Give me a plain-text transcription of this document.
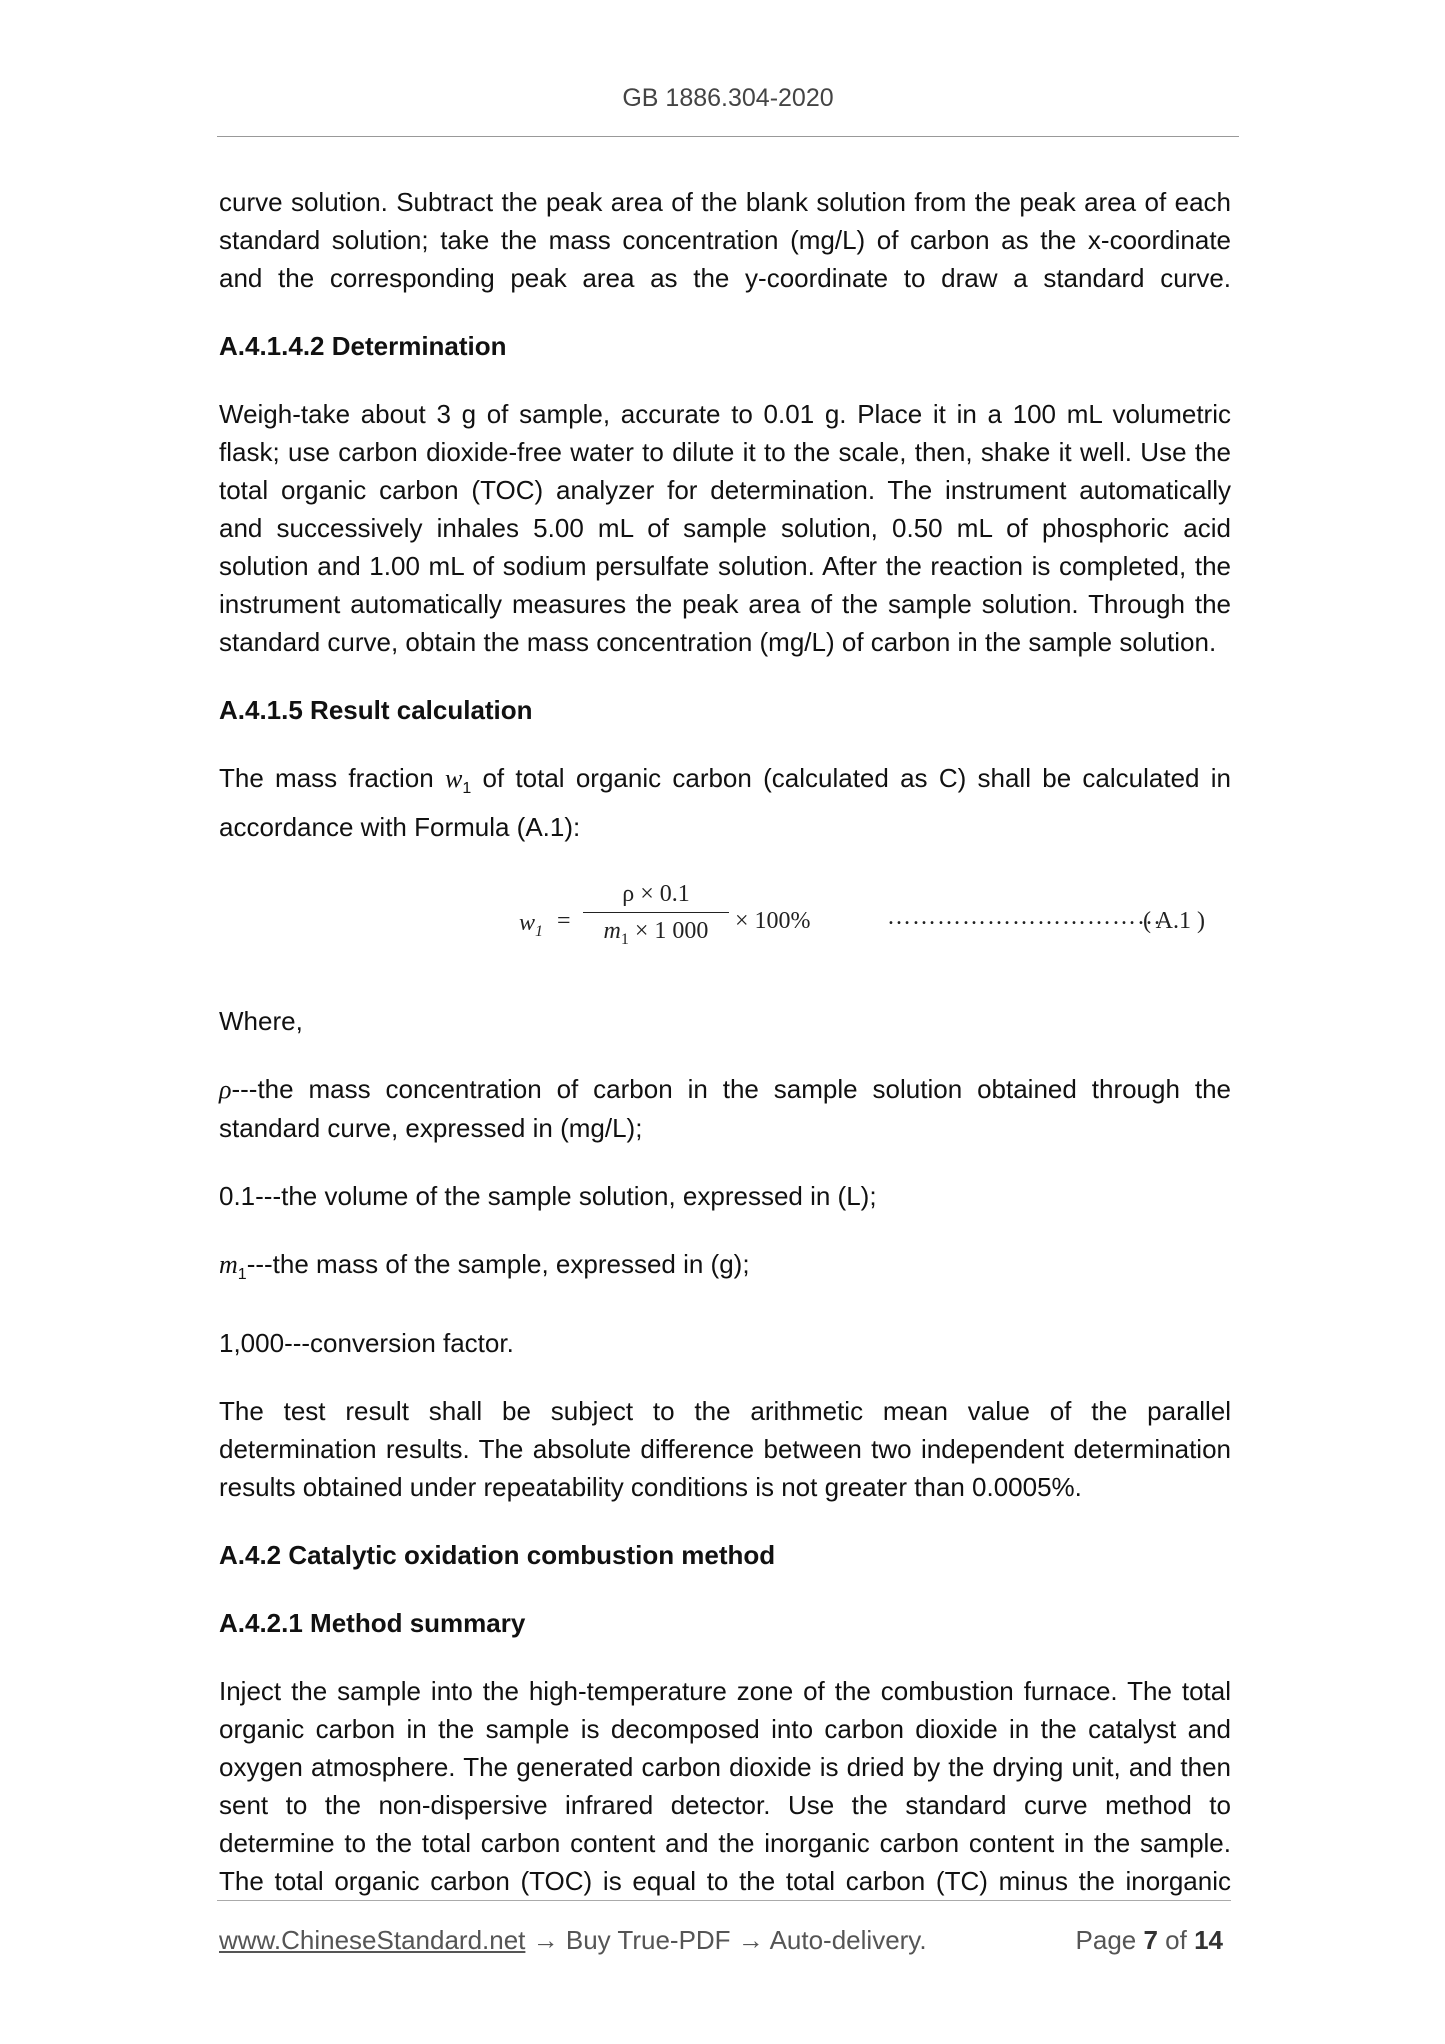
GB 1886.304-2020

curve solution. Subtract the peak area of the blank solution from the peak area of each standard solution; take the mass concentration (mg/L) of carbon as the x-coordinate and the corresponding peak area as the y-coordinate to draw a standard curve.

A.4.1.4.2 Determination

Weigh-take about 3 g of sample, accurate to 0.01 g. Place it in a 100 mL volumetric flask; use carbon dioxide-free water to dilute it to the scale, then, shake it well. Use the total organic carbon (TOC) analyzer for determination. The instrument automatically and successively inhales 5.00 mL of sample solution, 0.50 mL of phosphoric acid solution and 1.00 mL of sodium persulfate solution. After the reaction is completed, the instrument automatically measures the peak area of the sample solution. Through the standard curve, obtain the mass concentration (mg/L) of carbon in the sample solution.

A.4.1.5 Result calculation

The mass fraction $w_1$ of total organic carbon (calculated as C) shall be calculated in accordance with Formula (A.1):

$w_1$ =
ρ × 0.1
$m_1 \times 1$ 000	× 100%	……………………………
( A.1 )

Where,

ρ---the mass concentration of carbon in the sample solution obtained through the standard curve, expressed in (mg/L);

0.1---the volume of the sample solution, expressed in (L);

$m_1--$-the mass of the sample, expressed in (g);

1,000---conversion factor.

The test result shall be subject to the arithmetic mean value of the parallel determination results. The absolute difference between two independent determination results obtained under repeatability conditions is not greater than 0.0005%.

A.4.2 Catalytic oxidation combustion method
A.4.2.1 Method summary

Inject the sample into the high-temperature zone of the combustion furnace. The total organic carbon in the sample is decomposed into carbon dioxide in the catalyst and oxygen atmosphere. The generated carbon dioxide is dried by the drying unit, and then sent to the non-dispersive infrared detector. Use the standard curve method to determine to the total carbon content and the inorganic carbon content in the sample. The total organic carbon (TOC) is equal to the total carbon (TC) minus the inorganic

www.ChineseStandard.net → Buy True-PDF → Auto-delivery.	Page 7 of 14
